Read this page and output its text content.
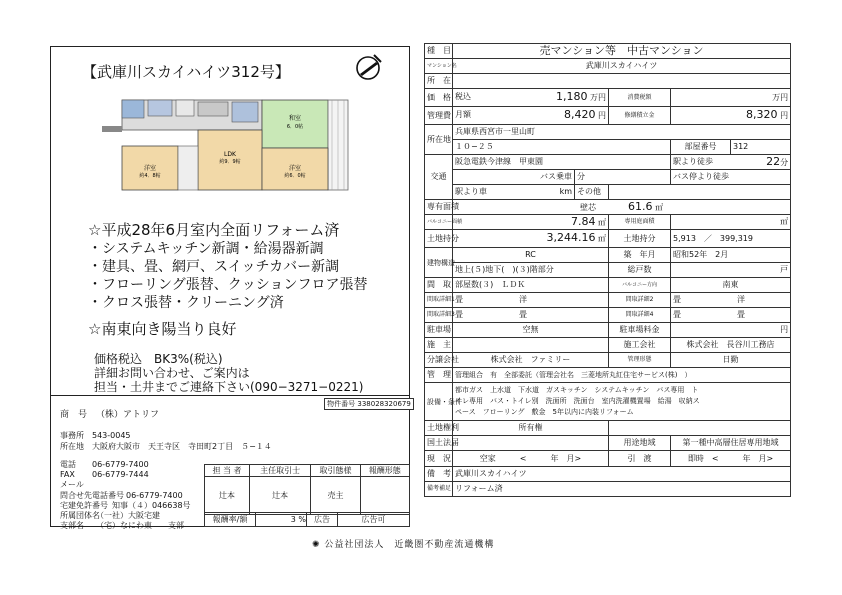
【武庫川スカイハイツ312号】
和室
6．0帖
LDK
約9．9帖
洋室
約4．8帖
洋室
約6．0帖
☆平成28年6月室内全面リフォーム済
・システムキッチン新調・給湯器新調
・建具、畳、網戸、スイッチカバー新調
・フローリング張替、クッションフロア張替
・クロス張替・クリーニング済
☆南東向き陽当り良好
価格税込　BK3%(税込)
詳細お問い合わせ、ご案内は
担当・土井までご連絡下さい(090−3271−0221)
物件番号 338028320679
商　号 （株）アトリフ
事務所 543-0045
所在地 大阪府大阪市　天王寺区　寺田町2丁目　５−１４
電話 06-6779-7400
FAX 06-6779-7444
メール
問合せ先電話番号 06-6779-7400
宅建免許番号 知事（４）046638号
所属団体名
（一社）大阪宅建
支部名 （宅）なにわ東　　支部
担 当 者	主任取引士	取引態様	報酬形態
辻本	辻本	売主	
報酬率/額	3 %	広告	広告可
種　目	売マンション等　中古マンション				
マンション名	武庫川スカイハイツ				
所　在					
価　格	税込 1,180 万円		消費税額	万円	
管理費	月額 8,420 円		修繕積立金	8,320 円	
所在地	兵庫県西宮市一里山町				
	１０−２５			部屋番号	312
交通	阪急電鉄今津線　甲東園			駅より徒歩 22分	
	バス乗車	分		バス停より徒歩	
	駅より車 km	その他			
専有面積	壁芯　　　　 61.6 ㎡				
バルコニー面積	7.84 ㎡		専用庭面積	㎡	
土地持分	3,244.16 ㎡		土地持分	5,913　 ／　 399,319	
建物構造	RC		築　年月	昭和52年　2月	
	地上(５)地下(　)(３)階部分		総戸数	戸	
間　取	部屋数(３)　ＬＤＫ		バルコニー方向	南東	
間取詳細1	畳　　　　　　　洋		間取詳細2	畳　　　　　　　洋	
間取詳細3	畳　　　　　　　畳		間取詳細4	畳　　　　　　　畳	
駐車場	空無		駐車場料金	円	
施　主			施工会社	株式会社　長谷川工務店	
分譲会社	株式会社　ファミリー		管理形態	日勤	
管　理	管理組合　有　全部委託（管理会社名　三菱地所丸紅住宅サービス(株)　）				
設備・条件	都市ガス　上水道　下水道　ガスキッチン　システムキッチン　バス専用　ト
イレ専用　バス・トイレ別　洗面所　洗面台　室内洗濯機置場　給湯　収納ス
ペース　フローリング　敷金　5年以内に内装リフォーム				

土地権利	所有権				
国土法届			用途地域	第一種中高層住居専用地域	
現　況	空家　　　<　　　年　月>		引　渡	即時　<　　　年　月>	
備　考	武庫川スカイハイツ				
備考補足	リフォーム済				
✺ 公益社団法人　近畿圏不動産流通機構
